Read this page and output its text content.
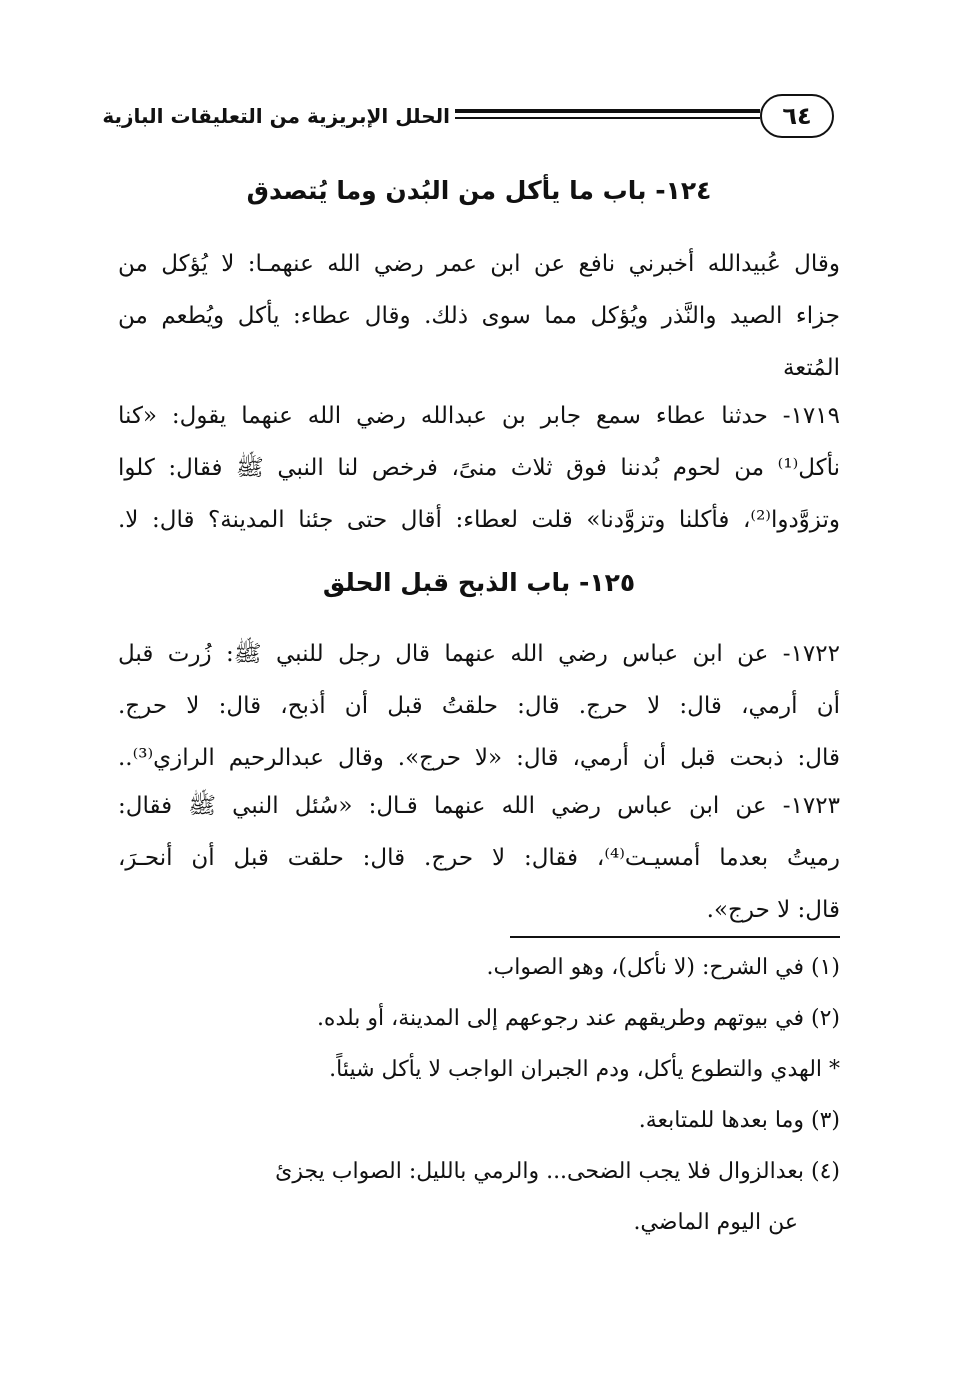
الحلل الإبريزية من التعليقات البازية	٦٤
١٢٤- باب ما يأكل من البُدن وما يُتصدق
وقال عُبيدالله أخبرني نافع عن ابن عمر رضي الله عنهمـا: لا يُؤكل من
جزاء الصيد والنَّذر ويُؤكل مما سوى ذلك. وقال عطاء: يأكل ويُطعم من
المُتعة
١٧١٩- حدثنا عطاء سمع جابر بن عبدالله رضي الله عنهما يقول: «كنا
نأكل⁽¹⁾ من لحوم بُدننا فوق ثلاث منىً، فرخص لنا النبي ﷺ فقال: كلوا
وتزوَّدوا⁽²⁾، فأكلنا وتزوَّدنا» قلت لعطاء: أقال حتى جئنا المدينة؟ قال: لا.
١٢٥- باب الذبح قبل الحلق
١٧٢٢- عن ابن عباس رضي الله عنهما قال رجل للنبي ﷺ: زُرت قبل
أن أرمي، قال: لا حرج. قال: حلقتُ قبل أن أذبح، قال: لا حرج.
قال: ذبحت قبل أن أرمي، قال: «لا حرج». وقال عبدالرحيم الرازي⁽³⁾..
١٧٢٣- عن ابن عباس رضي الله عنهما قـال: «سُئل النبي ﷺ فقال:
رميتُ بعدما أمسيـت⁽⁴⁾، فقال: لا حرج. قال: حلقت قبل أن أنحـرَ،
قال: لا حرج».
(١) في الشرح: (لا نأكل)، وهو الصواب.
(٢) في بيوتهم وطريقهم عند رجوعهم إلى المدينة، أو بلده.
* الهدي والتطوع يأكل، ودم الجبران الواجب لا يأكل شيئاً.
(٣) وما بعدها للمتابعة.
(٤) بعدالزوال فلا يجب الضحى... والرمي بالليل: الصواب يجزئ
عن اليوم الماضي.
